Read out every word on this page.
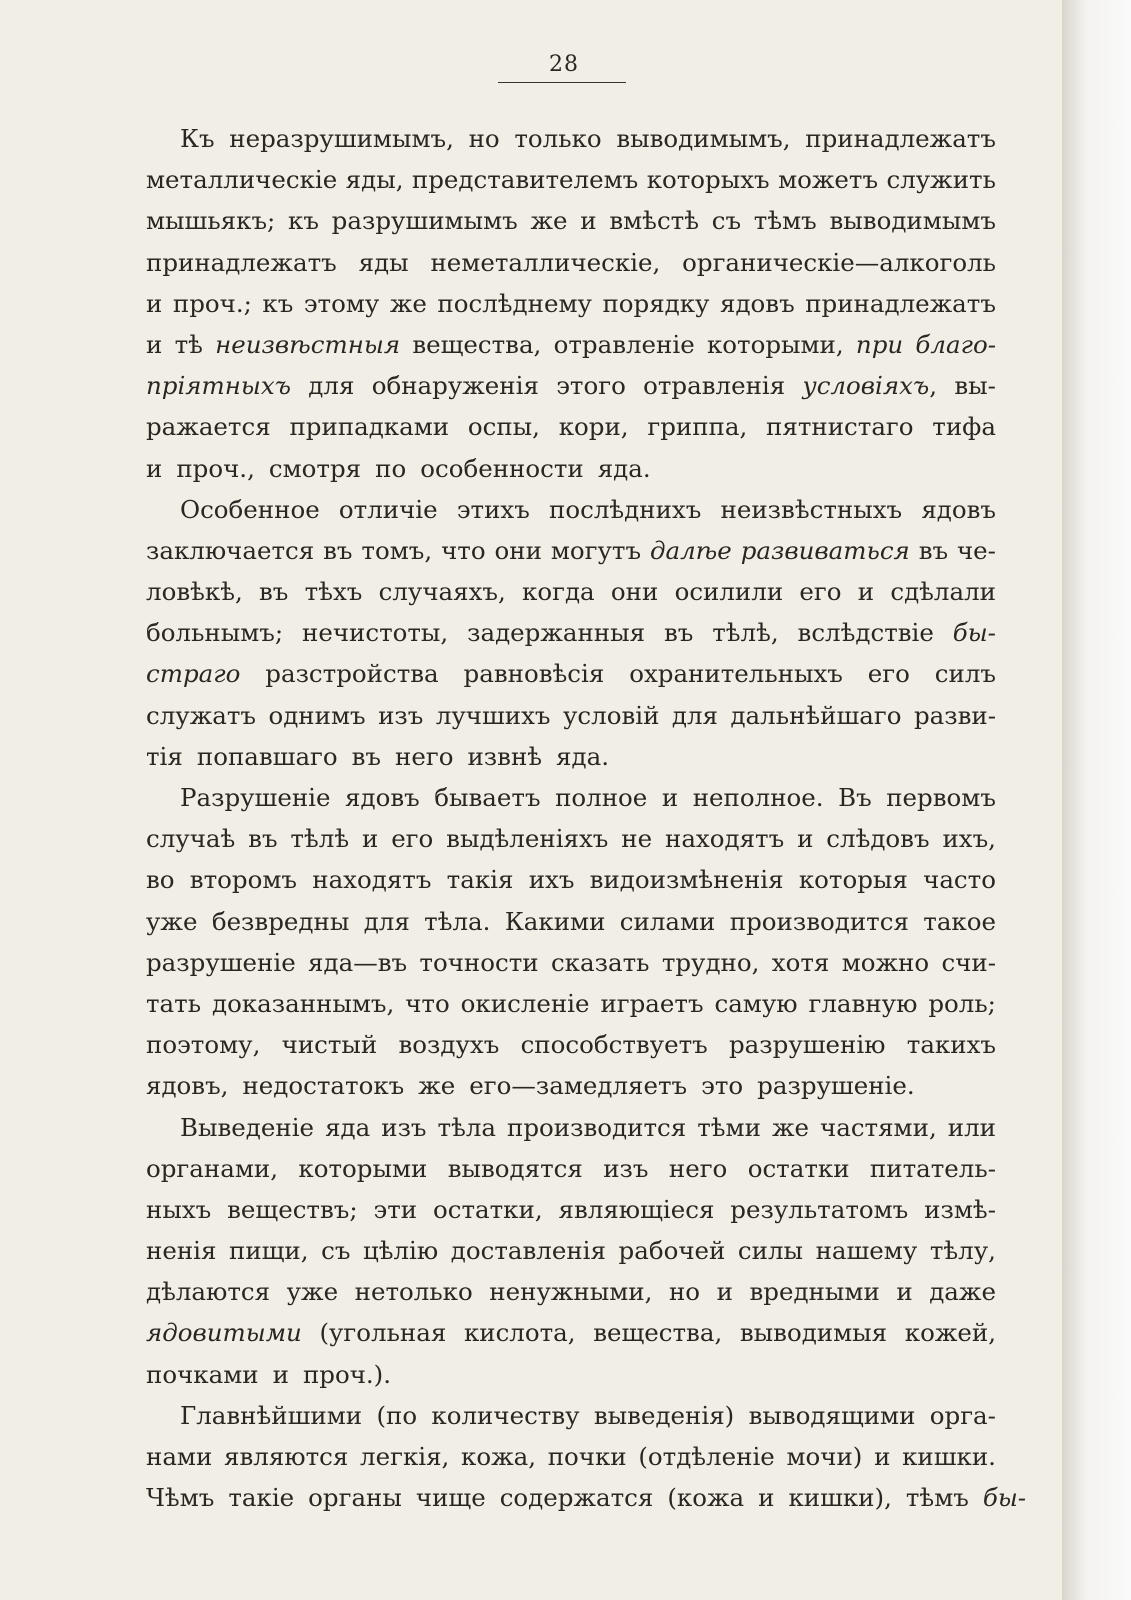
28
Къ неразрушимымъ, но только выводимымъ, принадлежатъ
металлическіе яды, представителемъ которыхъ можетъ служить
мышьякъ; къ разрушимымъ же и вмѣстѣ съ тѣмъ выводимымъ
принадлежатъ яды неметаллическіе, органическіе—алкоголь
и проч.; къ этому же послѣднему порядку ядовъ принадлежатъ
и тѣ неизвѣстныя вещества, отравленіе которыми, при благо-
пріятныхъ для обнаруженія этого отравленія условіяхъ, вы-
ражается припадками оспы, кори, гриппа, пятнистаго тифа
и проч., смотря по особенности яда.
Особенное отличіе этихъ послѣднихъ неизвѣстныхъ ядовъ
заключается въ томъ, что они могутъ далѣе развиваться въ че-
ловѣкѣ, въ тѣхъ случаяхъ, когда они осилили его и сдѣлали
больнымъ; нечистоты, задержанныя въ тѣлѣ, вслѣдствіе бы-
страго разстройства равновѣсія охранительныхъ его силъ
служатъ однимъ изъ лучшихъ условій для дальнѣйшаго разви-
тія попавшаго въ него извнѣ яда.
Разрушеніе ядовъ бываетъ полное и неполное. Въ первомъ
случаѣ въ тѣлѣ и его выдѣленіяхъ не находятъ и слѣдовъ ихъ,
во второмъ находятъ такія ихъ видоизмѣненія которыя часто
уже безвредны для тѣла. Какими силами производится такое
разрушеніе яда—въ точности сказать трудно, хотя можно счи-
тать доказаннымъ, что окисленіе играетъ самую главную роль;
поэтому, чистый воздухъ способствуетъ разрушенію такихъ
ядовъ, недостатокъ же его—замедляетъ это разрушеніе.
Выведеніе яда изъ тѣла производится тѣми же частями, или
органами, которыми выводятся изъ него остатки питатель-
ныхъ веществъ; эти остатки, являющіеся результатомъ измѣ-
ненія пищи, съ цѣлію доставленія рабочей силы нашему тѣлу,
дѣлаются уже нетолько ненужными, но и вредными и даже
ядовитыми (угольная кислота, вещества, выводимыя кожей,
почками и проч.).
Главнѣйшими (по количеству выведенія) выводящими орга-
нами являются легкія, кожа, почки (отдѣленіе мочи) и кишки.
Чѣмъ такіе органы чище содержатся (кожа и кишки), тѣмъ бы-
